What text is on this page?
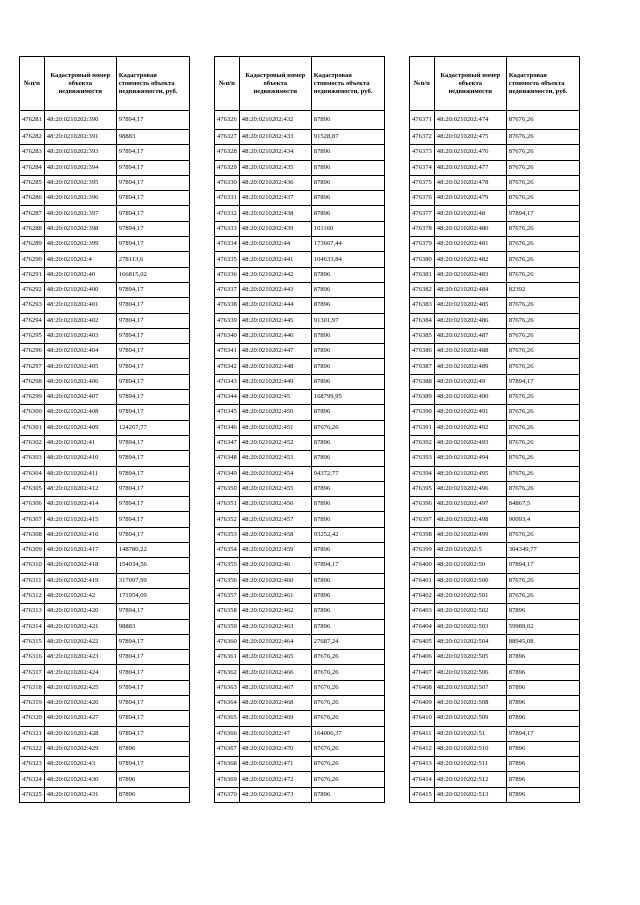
№п/п	Кадастровый номер объекта недвижимости	Кадастровая стоимость объекта недвижимости, руб.
476281	48:20:0210202:390	97894,17
476282	48:20:0210202:391	98883
476283	48:20:0210202:393	97894,17
476284	48:20:0210202:394	97894,17
476285	48:20:0210202:395	97894,17
476286	48:20:0210202:396	97894,17
476287	48:20:0210202:397	97894,17
476288	48:20:0210202:398	97894,17
476289	48:20:0210202:399	97894,17
476290	48:20:0210202:4	278113,6
476291	48:20:0210202:40	166815,02
476292	48:20:0210202:400	97894,17
476293	48:20:0210202:401	97894,17
476294	48:20:0210202:402	97894,17
476295	48:20:0210202:403	97894,17
476296	48:20:0210202:404	97894,17
476297	48:20:0210202:405	97894,17
476298	48:20:0210202:406	97894,17
476299	48:20:0210202:407	97894,17
476300	48:20:0210202:408	97894,17
476301	48:20:0210202:409	124267,77
476302	48:20:0210202:41	97894,17
476303	48:20:0210202:410	97894,17
476304	48:20:0210202:411	97894,17
476305	48:20:0210202:412	97894,17
476306	48:20:0210202:414	97894,17
476307	48:20:0210202:415	97894,17
476308	48:20:0210202:416	97894,17
476309	48:20:0210202:417	148780,22
476310	48:20:0210202:418	154034,56
476311	48:20:0210202:419	317097,99
476312	48:20:0210202:42	171954,09
476313	48:20:0210202:420	97894,17
476314	48:20:0210202:421	98883
476315	48:20:0210202:422	97894,17
476316	48:20:0210202:423	97894,17
476317	48:20:0210202:424	97894,17
476318	48:20:0210202:425	97894,17
476319	48:20:0210202:426	97894,17
476320	48:20:0210202:427	97894,17
476321	48:20:0210202:428	97894,17
476322	48:20:0210202:429	87896
476323	48:20:0210202:43	97894,17
476324	48:20:0210202:430	87896
476325	48:20:0210202:431	87896
№п/п	Кадастровый номер объекта недвижимости	Кадастровая стоимость объекта недвижимости, руб.
476326	48:20:0210202:432	87896
476327	48:20:0210202:433	91528,87
476328	48:20:0210202:434	87896
476329	48:20:0210202:435	87896
476330	48:20:0210202:436	87896
476331	48:20:0210202:437	87896
476332	48:20:0210202:438	87896
476333	48:20:0210202:439	101160
476334	48:20:0210202:44	173667,44
476335	48:20:0210202:441	104633,84
476336	48:20:0210202:442	87896
476337	48:20:0210202:443	87896
476338	48:20:0210202:444	87896
476339	48:20:0210202:445	91301,97
476340	48:20:0210202:446	87896
476341	48:20:0210202:447	87896
476342	48:20:0210202:448	87896
476343	48:20:0210202:449	87896
476344	48:20:0210202:45	168799,95
476345	48:20:0210202:450	87896
476346	48:20:0210202:451	87676,26
476347	48:20:0210202:452	87896
476348	48:20:0210202:453	87896
476349	48:20:0210202:454	94372,77
476350	48:20:0210202:455	87896
476351	48:20:0210202:456	87896
476352	48:20:0210202:457	87896
476353	48:20:0210202:458	93252,42
476354	48:20:0210202:459	87896
476355	48:20:0210202:46	97894,17
476356	48:20:0210202:460	87896
476357	48:20:0210202:461	87896
476358	48:20:0210202:462	87896
476359	48:20:0210202:463	87896
476360	48:20:0210202:464	27687,24
476361	48:20:0210202:465	87676,26
476362	48:20:0210202:466	87676,26
476363	48:20:0210202:467	87676,26
476364	48:20:0210202:468	87676,26
476365	48:20:0210202:469	87676,26
476366	48:20:0210202:47	164006,37
476367	48:20:0210202:470	87676,26
476368	48:20:0210202:471	87676,26
476369	48:20:0210202:472	87676,26
476370	48:20:0210202:473	87896
№п/п	Кадастровый номер объекта недвижимости	Кадастровая стоимость объекта недвижимости, руб.
476371	48:20:0210202:474	87676,26
476372	48:20:0210202:475	87676,26
476373	48:20:0210202:476	87676,26
476374	48:20:0210202:477	87676,26
476375	48:20:0210202:478	87676,26
476376	48:20:0210202:479	87676,26
476377	48:20:0210202:48	97894,17
476378	48:20:0210202:480	87676,26
476379	48:20:0210202:481	87676,26
476380	48:20:0210202:482	87676,26
476381	48:20:0210202:483	87676,26
476382	48:20:0210202:484	82392
476383	48:20:0210202:485	87676,26
476384	48:20:0210202:486	87676,26
476385	48:20:0210202:487	87676,26
476386	48:20:0210202:488	87676,26
476387	48:20:0210202:489	87676,26
476388	48:20:0210202:49	97894,17
476389	48:20:0210202:490	87676,26
476390	48:20:0210202:491	87676,26
476391	48:20:0210202:492	87676,26
476392	48:20:0210202:493	87676,26
476393	48:20:0210202:494	87676,26
476394	48:20:0210202:495	87676,26
476395	48:20:0210202:496	87676,26
476396	48:20:0210202:497	84867,5
476397	48:20:0210202:498	90093,4
476398	48:20:0210202:499	87676,26
476399	48:20:0210202:5	304349,77
476400	48:20:0210202:50	97894,17
476401	48:20:0210202:500	87676,26
476402	48:20:0210202:501	87676,26
476403	48:20:0210202:502	87896
476404	48:20:0210202:503	59989,02
476405	48:20:0210202:504	88945,08
476406	48:20:0210202:505	87896
476407	48:20:0210202:506	87896
476408	48:20:0210202:507	87896
476409	48:20:0210202:508	87896
476410	48:20:0210202:509	87896
476411	48:20:0210202:51	97894,17
476412	48:20:0210202:510	87896
476413	48:20:0210202:511	87896
476414	48:20:0210202:512	87896
476415	48:20:0210202:513	87896
